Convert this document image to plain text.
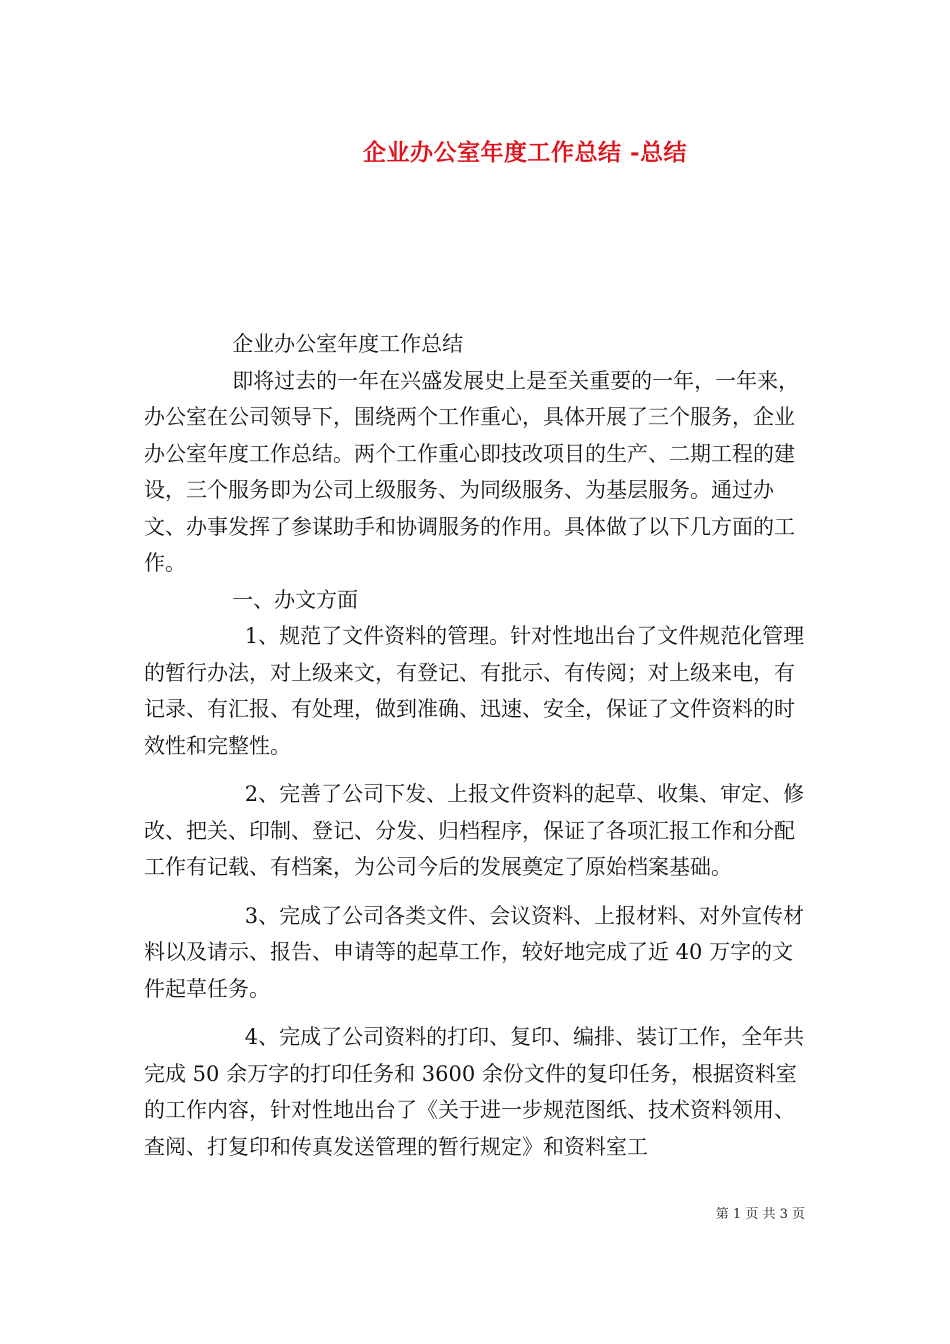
企业办公室年度工作总结 -总结

企业办公室年度工作总结

即将过去的一年在兴盛发展史上是至关重要的一年，一年来，办公室在公司领导下，围绕两个工作重心，具体开展了三个服务，企业办公室年度工作总结。两个工作重心即技改项目的生产、二期工程的建设，三个服务即为公司上级服务、为同级服务、为基层服务。通过办文、办事发挥了参谋助手和协调服务的作用。具体做了以下几方面的工作。

一、办文方面

1、规范了文件资料的管理。针对性地出台了文件规范化管理的暂行办法，对上级来文，有登记、有批示、有传阅；对上级来电，有记录、有汇报、有处理，做到准确、迅速、安全，保证了文件资料的时效性和完整性。

2、完善了公司下发、上报文件资料的起草、收集、审定、修改、把关、印制、登记、分发、归档程序，保证了各项汇报工作和分配工作有记载、有档案，为公司今后的发展奠定了原始档案基础。

3、完成了公司各类文件、会议资料、上报材料、对外宣传材料以及请示、报告、申请等的起草工作，较好地完成了近 40 万字的文件起草任务。

4、完成了公司资料的打印、复印、编排、装订工作，全年共完成 50 余万字的打印任务和 3600 余份文件的复印任务，根据资料室的工作内容，针对性地出台了《关于进一步规范图纸、技术资料领用、查阅、打复印和传真发送管理的暂行规定》和资料室工

第 1 页 共 3 页
